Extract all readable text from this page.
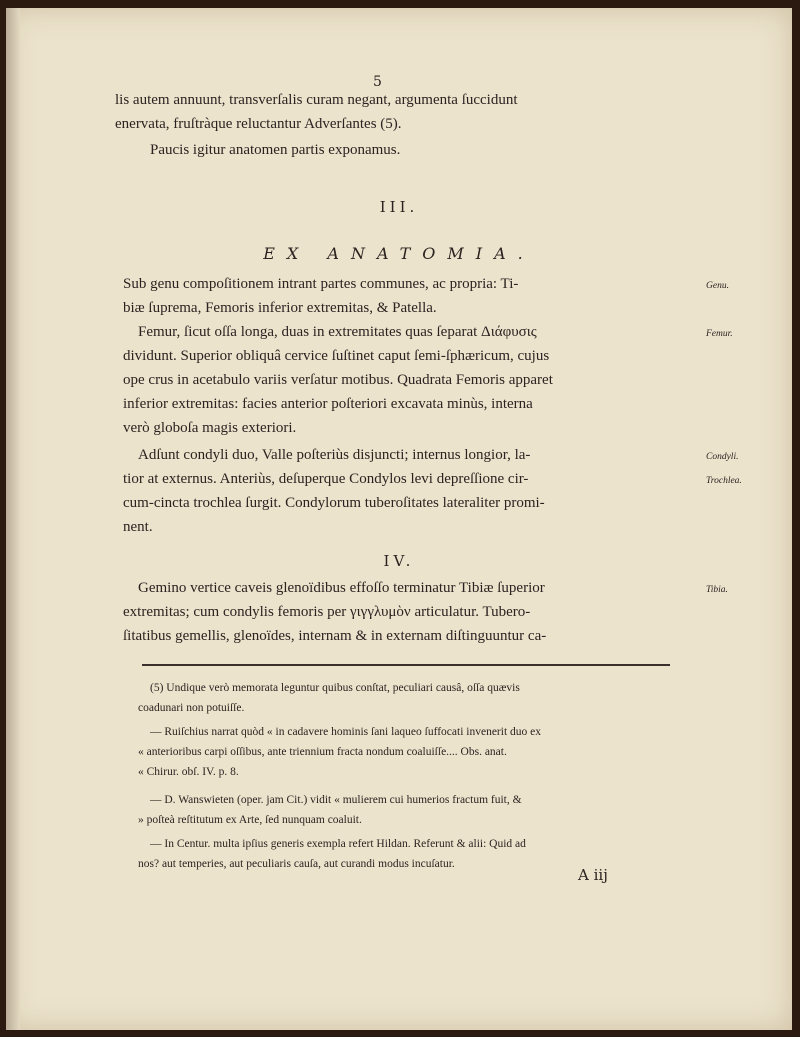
5
lis autem annuunt, transverſalis curam negant, argumenta ſuccidunt
enervata, fruſtràque reluctantur Adverſantes (5).
Paucis igitur anatomen partis exponamus.
Sub genu compoſitionem intrant partes communes, ac propria: Ti-
biæ ſuprema, Femoris inferior extremitas, & Patella.
Femur, ſicut oſſa longa, duas in extremitates quas ſeparat Διάφυσις
dividunt. Superior obliquâ cervice ſuſtinet caput ſemi-ſphæricum, cujus
ope crus in acetabulo variis verſatur motibus. Quadrata Femoris apparet
inferior extremitas: facies anterior poſteriori excavata minùs, interna
verò globoſa magis exteriori.
Adſunt condyli duo, Valle poſteriùs disjuncti; internus longior, la-
tior at externus. Anteriùs, deſuperque Condylos levi depreſſione cir-
cum-cincta trochlea ſurgit. Condylorum tuberoſitates lateraliter promi-
nent.
Gemino vertice caveis glenoïdibus effoſſo terminatur Tibiæ ſuperior
extremitas; cum condylis femoris per γιγγλυμὸν articulatur. Tubero-
ſitatibus gemellis, glenoïdes, internam & in externam diſtinguuntur ca-
Genu.
Femur.
Condyli.
Trochlea.
Tibia.
(5) Undique verò memorata leguntur quibus conſtat, peculiari causâ, oſſa quævis
coadunari non potuiſſe.
— Ruiſchius narrat quòd « in cadavere hominis ſani laqueo ſuffocati invenerit duo ex
« anterioribus carpi oſſibus, ante triennium fracta nondum coaluiſſe.... Obs. anat.
« Chirur. obſ. IV. p. 8.
— D. Wanswieten (oper. jam Cit.) vidit « mulierem cui humerios fractum fuit, &
» poſteà reſtitutum ex Arte, ſed nunquam coaluit.
— In Centur. multa ipſius generis exempla refert Hildan. Referunt & alii: Quid ad
nos? aut temperies, aut peculiaris cauſa, aut curandi modus incuſatur.
III.
EX ANATOMIA.
IV.
A iij
